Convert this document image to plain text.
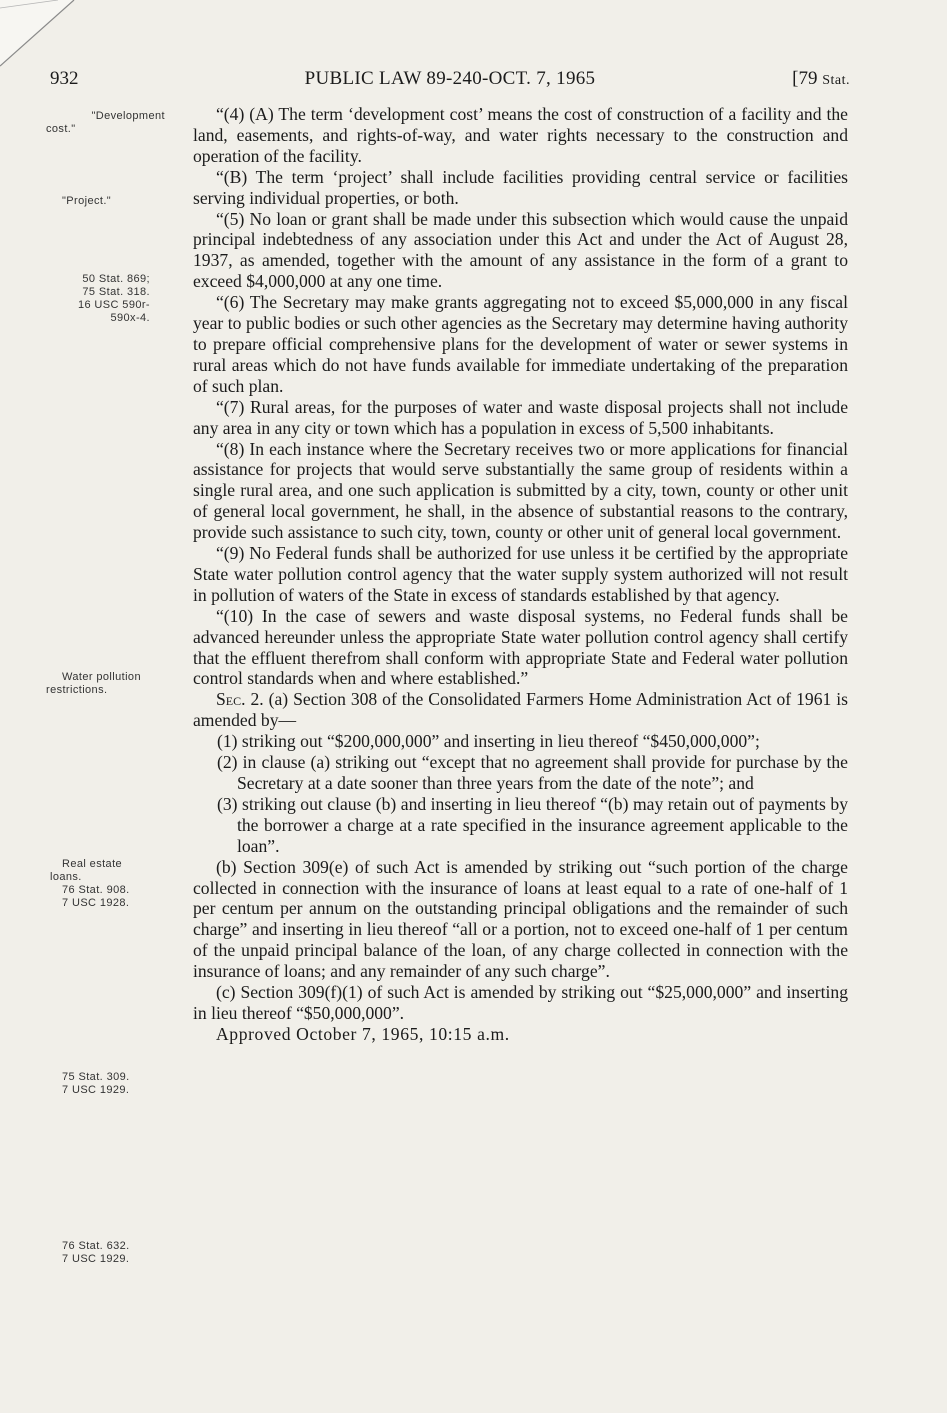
932	PUBLIC LAW 89-240-OCT. 7, 1965	[79 Stat.
"Development
cost."
"Project."
50 Stat. 869;
75 Stat. 318.
16 USC 590r-
590x-4.
Water pollution
restrictions.
Real estate
loans.
76 Stat. 908.
7 USC 1928.
75 Stat. 309.
7 USC 1929.
76 Stat. 632.
7 USC 1929.

“(4) (A) The term ‘development cost’ means the cost of construction of a facility and the land, easements, and rights-of-way, and water rights necessary to the construction and operation of the facility.

“(B) The term ‘project’ shall include facilities providing central service or facilities serving individual properties, or both.

“(5) No loan or grant shall be made under this subsection which would cause the unpaid principal indebtedness of any association under this Act and under the Act of August 28, 1937, as amended, together with the amount of any assistance in the form of a grant to exceed $4,000,000 at any one time.

“(6) The Secretary may make grants aggregating not to exceed $5,000,000 in any fiscal year to public bodies or such other agencies as the Secretary may determine having authority to prepare official comprehensive plans for the development of water or sewer systems in rural areas which do not have funds available for immediate undertaking of the preparation of such plan.

“(7) Rural areas, for the purposes of water and waste disposal projects shall not include any area in any city or town which has a population in excess of 5,500 inhabitants.

“(8) In each instance where the Secretary receives two or more applications for financial assistance for projects that would serve substantially the same group of residents within a single rural area, and one such application is submitted by a city, town, county or other unit of general local government, he shall, in the absence of substantial reasons to the contrary, provide such assistance to such city, town, county or other unit of general local government.

“(9) No Federal funds shall be authorized for use unless it be certified by the appropriate State water pollution control agency that the water supply system authorized will not result in pollution of waters of the State in excess of standards established by that agency.

“(10) In the case of sewers and waste disposal systems, no Federal funds shall be advanced hereunder unless the appropriate State water pollution control agency shall certify that the effluent therefrom shall conform with appropriate State and Federal water pollution control standards when and where established.”

Sec. 2. (a) Section 308 of the Consolidated Farmers Home Administration Act of 1961 is amended by—

(1) striking out “$200,000,000” and inserting in lieu thereof “$450,000,000”;

(2) in clause (a) striking out “except that no agreement shall provide for purchase by the Secretary at a date sooner than three years from the date of the note”; and

(3) striking out clause (b) and inserting in lieu thereof “(b) may retain out of payments by the borrower a charge at a rate specified in the insurance agreement applicable to the loan”.

(b) Section 309(e) of such Act is amended by striking out “such portion of the charge collected in connection with the insurance of loans at least equal to a rate of one-half of 1 per centum per annum on the outstanding principal obligations and the remainder of such charge” and inserting in lieu thereof “all or a portion, not to exceed one-half of 1 per centum of the unpaid principal balance of the loan, of any charge collected in connection with the insurance of loans; and any remainder of any such charge”.

(c) Section 309(f)(1) of such Act is amended by striking out “$25,000,000” and inserting in lieu thereof “$50,000,000”.

Approved October 7, 1965, 10:15 a.m.
